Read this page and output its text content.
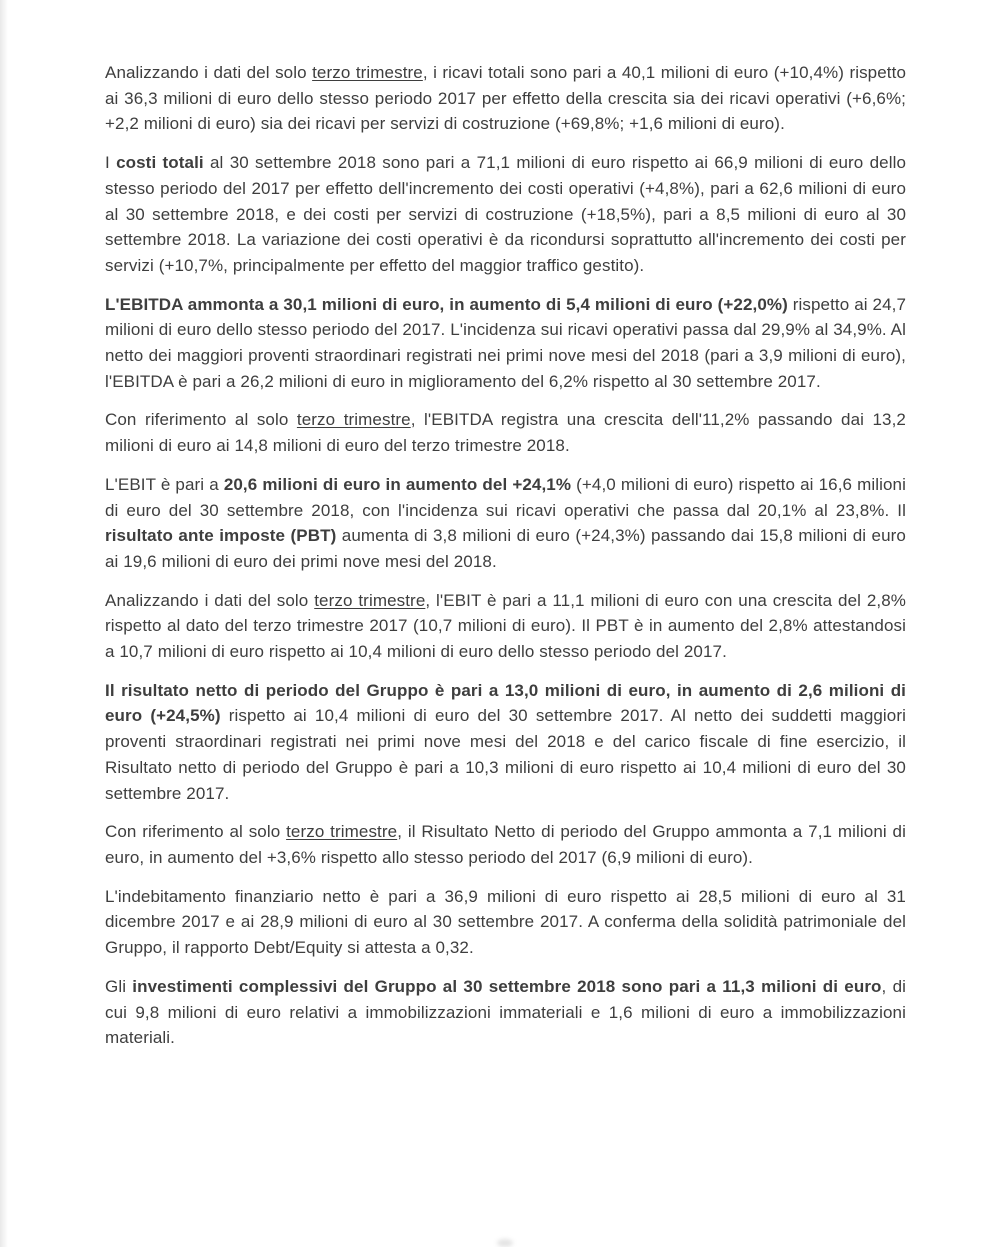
Analizzando i dati del solo terzo trimestre, i ricavi totali sono pari a 40,1 milioni di euro (+10,4%) rispetto ai 36,3 milioni di euro dello stesso periodo 2017 per effetto della crescita sia dei ricavi operativi (+6,6%; +2,2 milioni di euro) sia dei ricavi per servizi di costruzione (+69,8%; +1,6 milioni di euro).

I costi totali al 30 settembre 2018 sono pari a 71,1 milioni di euro rispetto ai 66,9 milioni di euro dello stesso periodo del 2017 per effetto dell'incremento dei costi operativi (+4,8%), pari a 62,6 milioni di euro al 30 settembre 2018, e dei costi per servizi di costruzione (+18,5%), pari a 8,5 milioni di euro al 30 settembre 2018. La variazione dei costi operativi è da ricondursi soprattutto all'incremento dei costi per servizi (+10,7%, principalmente per effetto del maggior traffico gestito).

L'EBITDA ammonta a 30,1 milioni di euro, in aumento di 5,4 milioni di euro (+22,0%) rispetto ai 24,7 milioni di euro dello stesso periodo del 2017. L'incidenza sui ricavi operativi passa dal 29,9% al 34,9%. Al netto dei maggiori proventi straordinari registrati nei primi nove mesi del 2018 (pari a 3,9 milioni di euro), l'EBITDA è pari a 26,2 milioni di euro in miglioramento del 6,2% rispetto al 30 settembre 2017.

Con riferimento al solo terzo trimestre, l'EBITDA registra una crescita dell'11,2% passando dai 13,2 milioni di euro ai 14,8 milioni di euro del terzo trimestre 2018.

L'EBIT è pari a 20,6 milioni di euro in aumento del +24,1% (+4,0 milioni di euro) rispetto ai 16,6 milioni di euro del 30 settembre 2018, con l'incidenza sui ricavi operativi che passa dal 20,1% al 23,8%. Il risultato ante imposte (PBT) aumenta di 3,8 milioni di euro (+24,3%) passando dai 15,8 milioni di euro ai 19,6 milioni di euro dei primi nove mesi del 2018.

Analizzando i dati del solo terzo trimestre, l'EBIT è pari a 11,1 milioni di euro con una crescita del 2,8% rispetto al dato del terzo trimestre 2017 (10,7 milioni di euro). Il PBT è in aumento del 2,8% attestandosi a 10,7 milioni di euro rispetto ai 10,4 milioni di euro dello stesso periodo del 2017.

Il risultato netto di periodo del Gruppo è pari a 13,0 milioni di euro, in aumento di 2,6 milioni di euro (+24,5%) rispetto ai 10,4 milioni di euro del 30 settembre 2017. Al netto dei suddetti maggiori proventi straordinari registrati nei primi nove mesi del 2018 e del carico fiscale di fine esercizio, il Risultato netto di periodo del Gruppo è pari a 10,3 milioni di euro rispetto ai 10,4 milioni di euro del 30 settembre 2017.

Con riferimento al solo terzo trimestre, il Risultato Netto di periodo del Gruppo ammonta a 7,1 milioni di euro, in aumento del +3,6% rispetto allo stesso periodo del 2017 (6,9 milioni di euro).

L'indebitamento finanziario netto è pari a 36,9 milioni di euro rispetto ai 28,5 milioni di euro al 31 dicembre 2017 e ai 28,9 milioni di euro al 30 settembre 2017. A conferma della solidità patrimoniale del Gruppo, il rapporto Debt/Equity si attesta a 0,32.

Gli investimenti complessivi del Gruppo al 30 settembre 2018 sono pari a 11,3 milioni di euro, di cui 9,8 milioni di euro relativi a immobilizzazioni immateriali e 1,6 milioni di euro a immobilizzazioni materiali.
